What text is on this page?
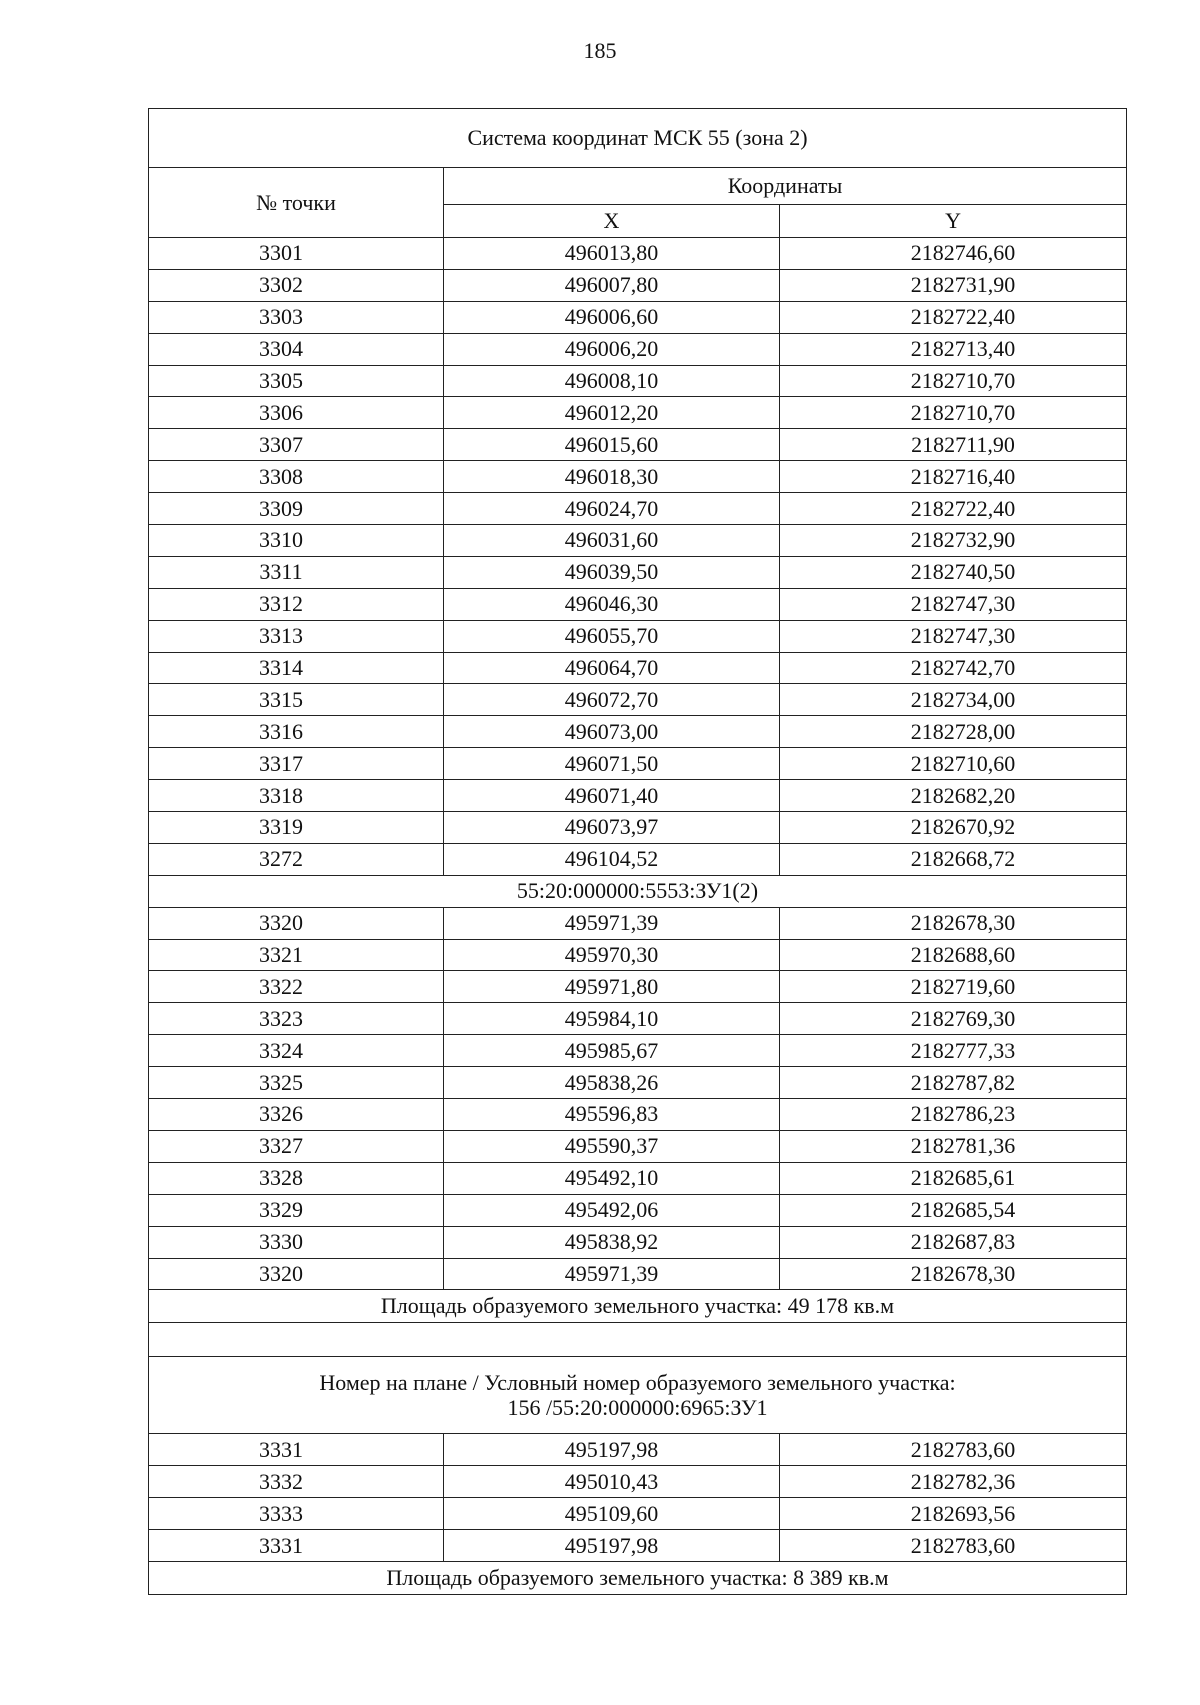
185
Система координат МСК 55 (зона 2)		
№ точки	Координаты	
	X	Y
3301	496013,80	2182746,60
3302	496007,80	2182731,90
3303	496006,60	2182722,40
3304	496006,20	2182713,40
3305	496008,10	2182710,70
3306	496012,20	2182710,70
3307	496015,60	2182711,90
3308	496018,30	2182716,40
3309	496024,70	2182722,40
3310	496031,60	2182732,90
3311	496039,50	2182740,50
3312	496046,30	2182747,30
3313	496055,70	2182747,30
3314	496064,70	2182742,70
3315	496072,70	2182734,00
3316	496073,00	2182728,00
3317	496071,50	2182710,60
3318	496071,40	2182682,20
3319	496073,97	2182670,92
3272	496104,52	2182668,72
55:20:000000:5553:ЗУ1(2)		
3320	495971,39	2182678,30
3321	495970,30	2182688,60
3322	495971,80	2182719,60
3323	495984,10	2182769,30
3324	495985,67	2182777,33
3325	495838,26	2182787,82
3326	495596,83	2182786,23
3327	495590,37	2182781,36
3328	495492,10	2182685,61
3329	495492,06	2182685,54
3330	495838,92	2182687,83
3320	495971,39	2182678,30
Площадь образуемого земельного участка: 49 178 кв.м		

Номер на плане / Условный номер образуемого земельного участка:
156 /55:20:000000:6965:ЗУ1		

3331	495197,98	2182783,60
3332	495010,43	2182782,36
3333	495109,60	2182693,56
3331	495197,98	2182783,60
Площадь образуемого земельного участка: 8 389 кв.м		
